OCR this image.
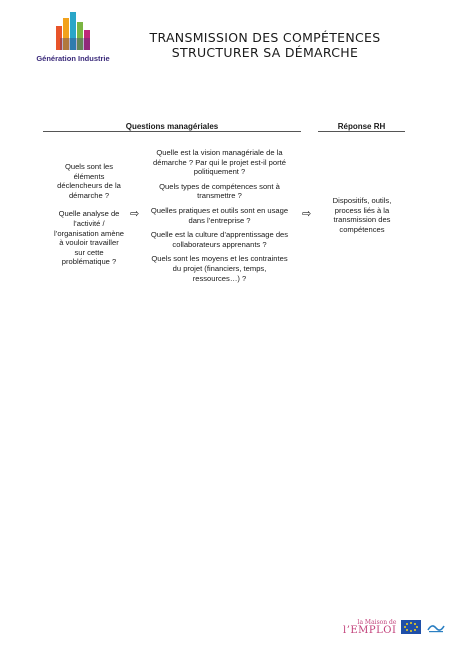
Génération Industrie
TRANSMISSION DES COMPÉTENCES
STRUCTURER SA DÉMARCHE
Questions managériales	Réponse RH

Quels sont les éléments déclencheurs de la démarche ?

Quelle analyse de l’activité / l’organisation amène à vouloir travailler sur cette problématique ?

⇨

Quelle est la vision managériale de la démarche ? Par qui le projet est-il porté politiquement ?

Quels types de compétences sont à transmettre ?

Quelles pratiques et outils sont en usage dans l’entreprise ?

Quelle est la culture d’apprentissage des collaborateurs apprenants ?

Quels sont les moyens et les contraintes du projet (financiers, temps, ressources…) ?

⇨

Dispositifs, outils, process liés à la transmission des compétences

la Maison de
l’EMPLOI
